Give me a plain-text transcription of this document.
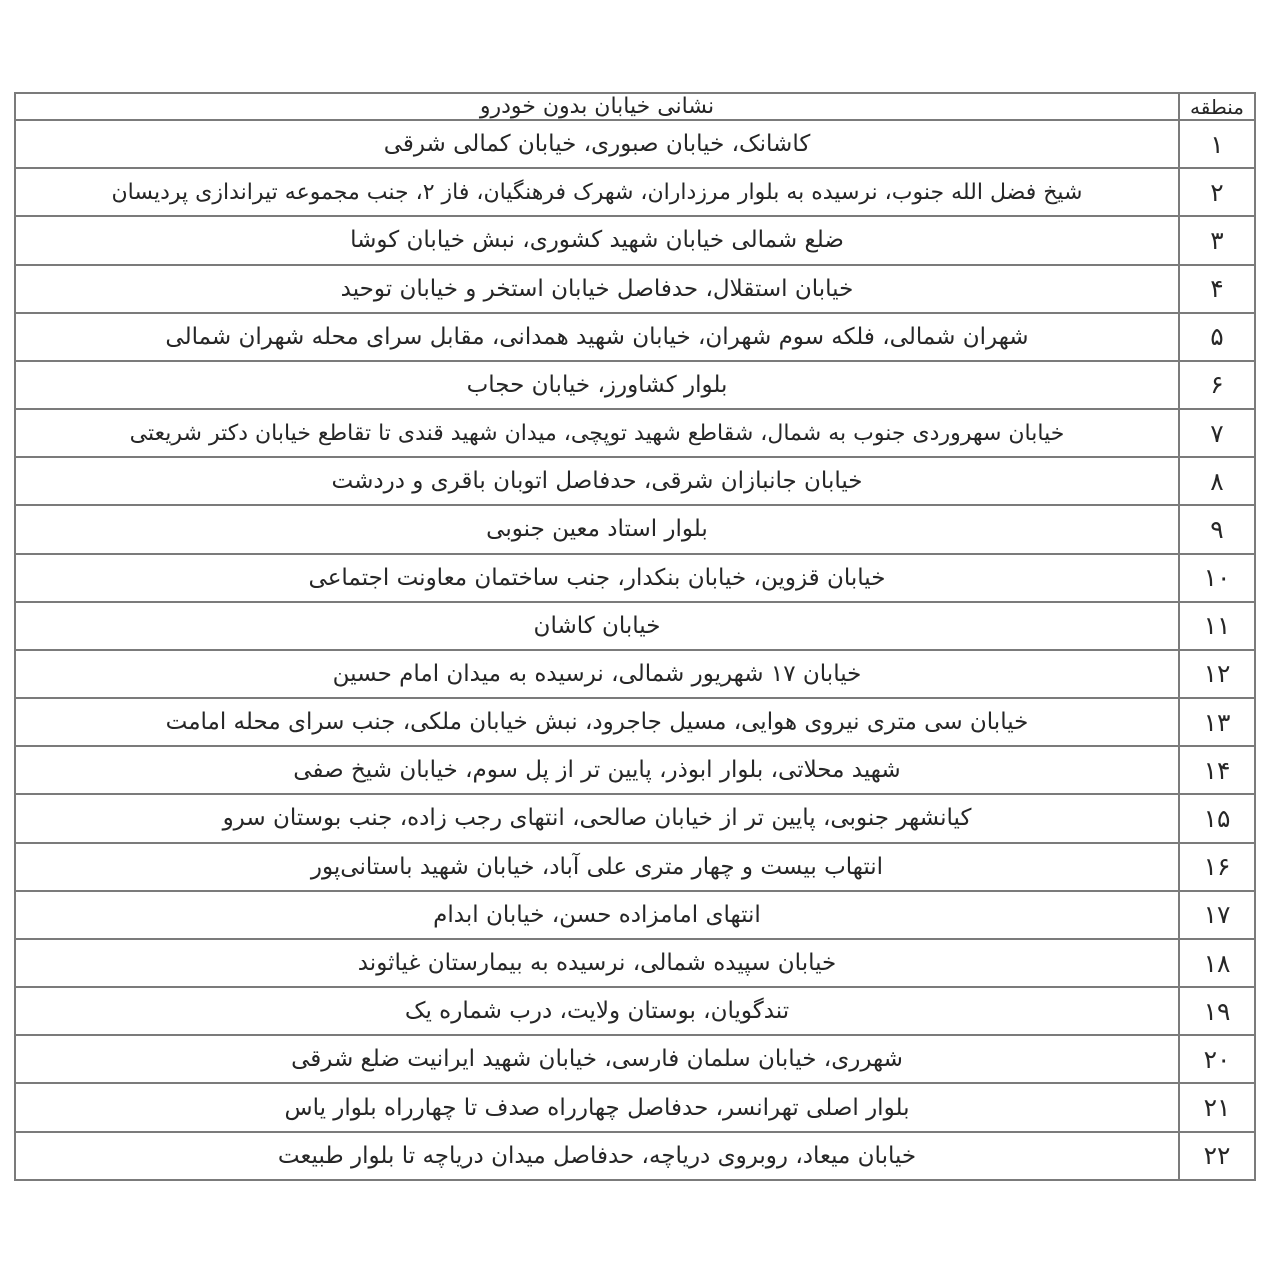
منطقه	نشانی خیابان بدون خودرو
۱	کاشانک، خیابان صبوری، خیابان کمالی شرقی
۲	شیخ فضل الله جنوب، نرسیده به بلوار مرزداران، شهرک فرهنگیان، فاز ۲، جنب مجموعه تیراندازی پردیسان
۳	ضلع شمالی خیابان شهید کشوری، نبش خیابان کوشا
۴	خیابان استقلال، حدفاصل خیابان استخر و خیابان توحید
۵	شهران شمالی، فلکه سوم شهران، خیابان شهید همدانی، مقابل سرای محله شهران شمالی
۶	بلوار کشاورز، خیابان حجاب
۷	خیابان سهروردی جنوب به شمال، شقاطع شهید توپچی، میدان شهید قندی تا تقاطع خیابان دکتر شریعتی
۸	خیابان جانبازان شرقی، حدفاصل اتوبان باقری و دردشت
۹	بلوار استاد معین جنوبی
۱۰	خیابان قزوین، خیابان بنکدار، جنب ساختمان معاونت اجتماعی
۱۱	خیابان کاشان
۱۲	خیابان ۱۷ شهریور شمالی، نرسیده به میدان امام حسین
۱۳	خیابان سی متری نیروی هوایی، مسیل جاجرود، نبش خیابان ملکی، جنب سرای محله امامت
۱۴	شهید محلاتی، بلوار ابوذر، پایین تر از پل سوم، خیابان شیخ صفی
۱۵	کیانشهر جنوبی، پایین تر از خیابان صالحی، انتهای رجب زاده، جنب بوستان سرو
۱۶	انتهاب بیست و چهار متری علی آباد، خیابان شهید باستانی‌پور
۱۷	انتهای امامزاده حسن، خیابان ابدام
۱۸	خیابان سپیده شمالی، نرسیده به بیمارستان غیاثوند
۱۹	تندگویان، بوستان ولایت، درب شماره یک
۲۰	شهرری، خیابان سلمان فارسی، خیابان شهید ایرانیت ضلع شرقی
۲۱	بلوار اصلی تهرانسر، حدفاصل چهارراه صدف تا چهارراه بلوار یاس
۲۲	خیابان میعاد، روبروی دریاچه، حدفاصل میدان دریاچه تا بلوار طبیعت
